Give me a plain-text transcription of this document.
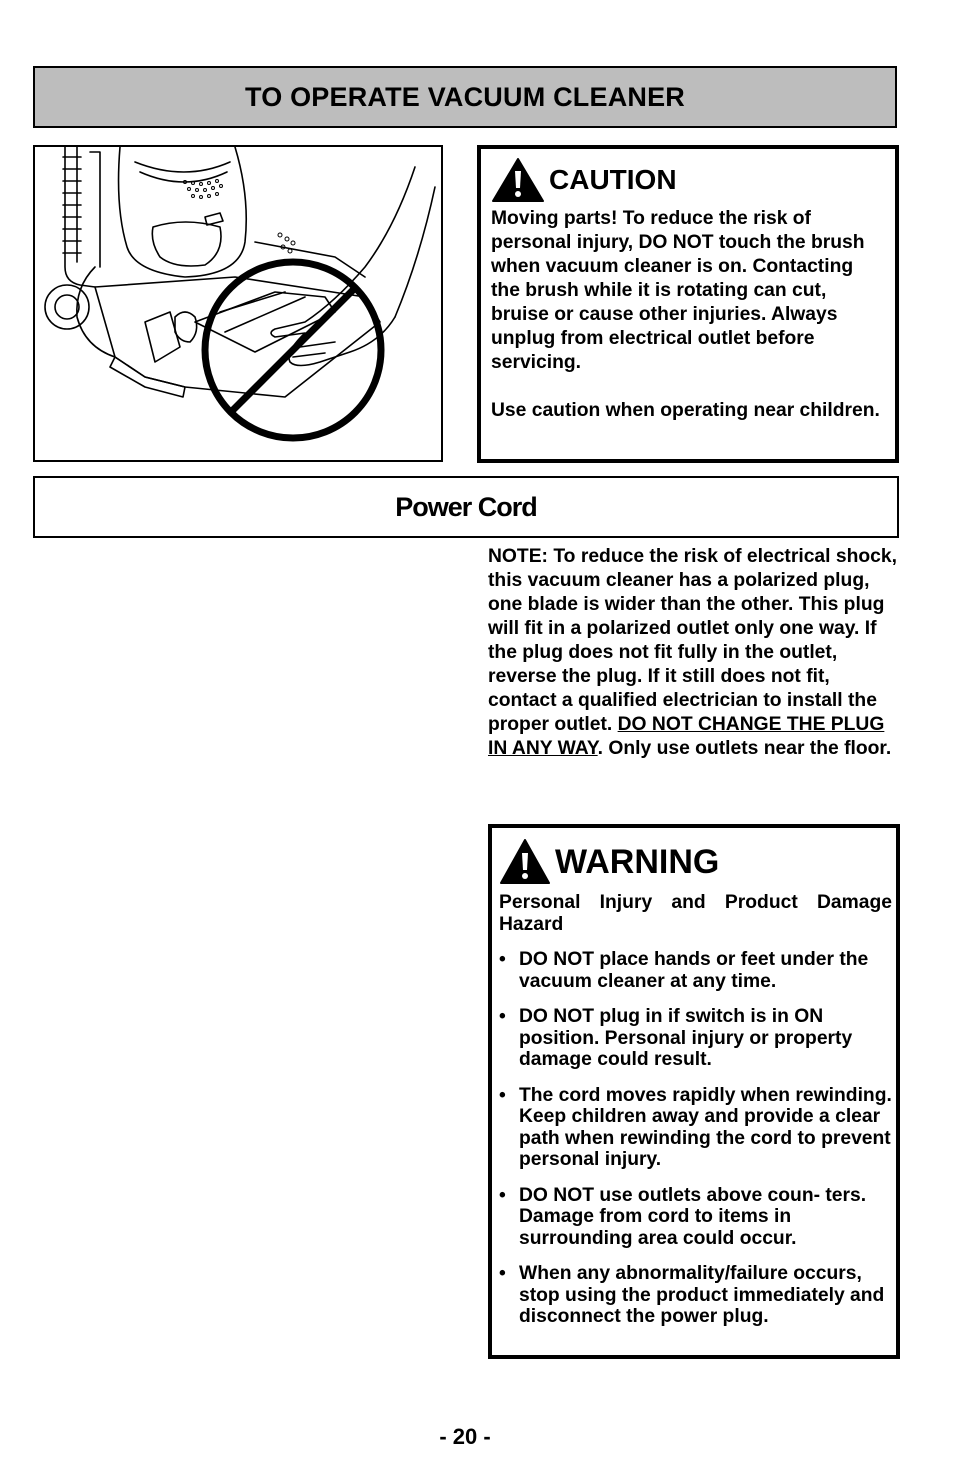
TO OPERATE VACUUM CLEANER
CAUTION

Moving parts! To reduce the risk of personal injury, DO NOT touch the brush when vacuum cleaner is on. Contacting the brush while it is rotating can cut, bruise or cause other injuries. Always unplug from electrical outlet before servicing.

Use caution when operating near children.

Power Cord
NOTE: To reduce the risk of electrical shock, this vacuum cleaner has a polarized plug, one blade is wider than the other. This plug will fit in a polarized outlet only one way. If the plug does not fit fully in the outlet, reverse the plug. If it still does not fit, contact a qualified electrician to install the proper outlet. DO NOT CHANGE THE PLUG IN ANY WAY. Only use outlets near the floor.
WARNING
Personal Injury and Product Damage Hazard
• DO NOT place hands or feet under the vacuum cleaner at any time.
• DO NOT plug in if switch is in ON position. Personal injury or property damage could result.
• The cord moves rapidly when rewinding. Keep children away and provide a clear path when rewinding the cord to prevent personal injury.
• DO NOT use outlets above coun- ters. Damage from cord to items in surrounding area could occur.
• When any abnormality/failure occurs, stop using the product immediately and disconnect the power plug.
- 20 -
